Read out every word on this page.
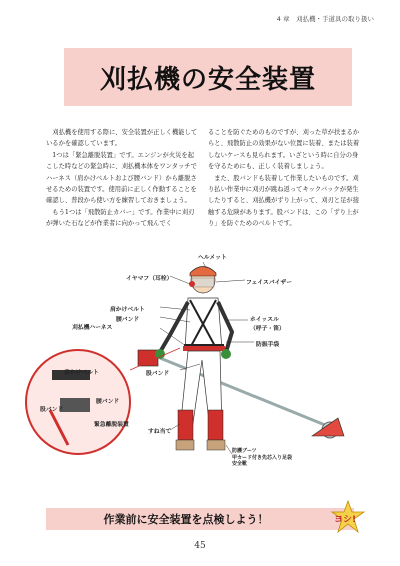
4 章　刈払機・手道具の取り扱い
刈払機の安全装置

刈払機を使用する際に、安全装置が正しく機能しているかを確認しています。

1つは「緊急離脱装置」です。エンジンが火災を起こした時などの緊急時に、刈払機本体をワンタッチでハーネス（肩かけベルトおよび腰バンド）から離脱させるための装置です。使用前に正しく作動することを確認し、普段から使い方を練習しておきましょう。

もう1つは「飛散防止カバー」です。作業中に刈刃が弾いた石などが作業者に向かって飛んでく

ることを防ぐためのものですが、刈った草が扶まるからと、飛散防止の効果がない位置に装着、または装着しないケースも見られます。いざという時に自分の身を守るためにも、正しく装着しましょう。

また、股バンドも装着して作業したいものです。刈り払い作業中に刈刃が跳ね返ってキックバックが発生したりすると、刈払機がずり上がって、刈刃と足が接触する危険があります。股バンドは、この「ずり上がり」を防ぐためのベルトです。

ヘルメット
イヤマフ（耳栓）
フェイスバイザー
肩かけベルト
腰バンド
刈払機ハーネス
ホイッスル
（呼子・笛）
防振手袋
股バンド
すね当て
防護ブーツ
甲カード付き先芯入り足袋
安全靴
肩かけベルト
腰バンド
緊急離脱装置
股バンド
作業前に安全装置を点検しよう！	ヨシ!
45
